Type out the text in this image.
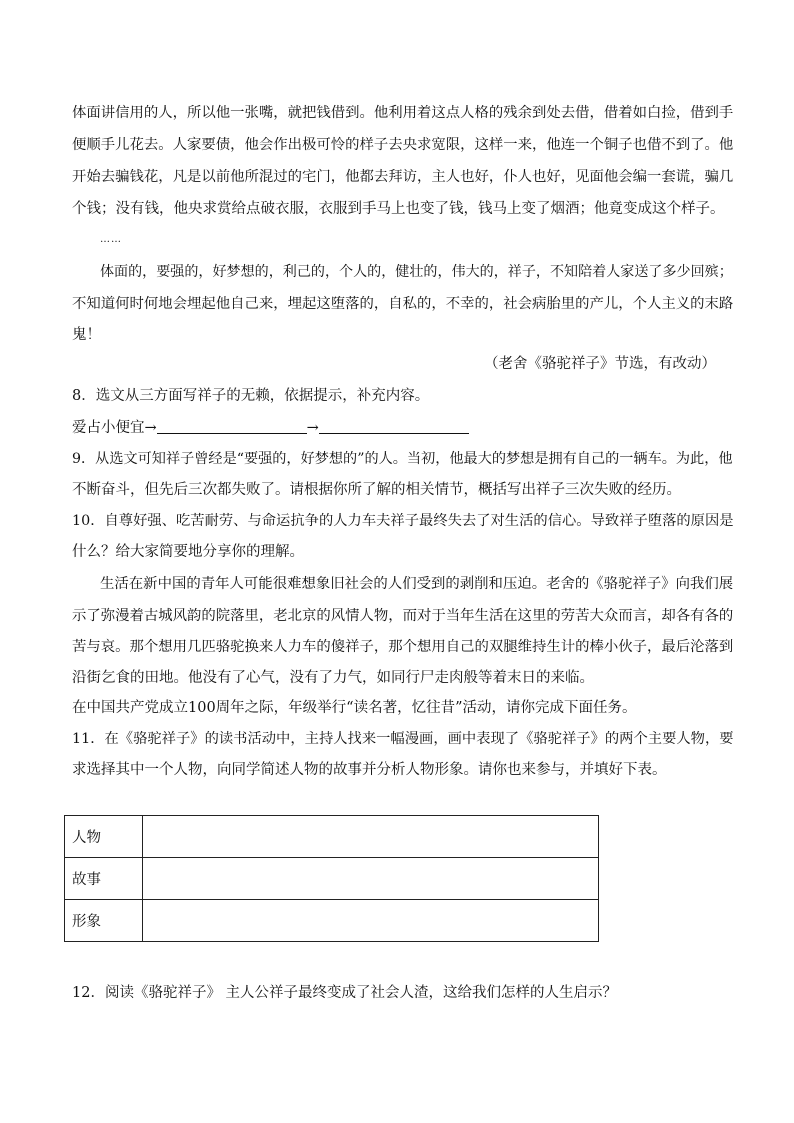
体面讲信用的人，所以他一张嘴，就把钱借到。他利用着这点人格的残余到处去借，借着如白捡，借到手
便顺手儿花去。人家要债，他会作出极可怜的样子去央求宽限，这样一来，他连一个铜子也借不到了。他
开始去骗钱花，凡是以前他所混过的宅门，他都去拜访，主人也好，仆人也好，见面他会编一套谎，骗几
个钱；没有钱，他央求赏给点破衣服，衣服到手马上也变了钱，钱马上变了烟酒；他竟变成这个样子。
……
体面的，要强的，好梦想的，利己的，个人的，健壮的，伟大的，祥子，不知陪着人家送了多少回殡；
不知道何时何地会埋起他自己来，埋起这堕落的，自私的，不幸的，社会病胎里的产儿，个人主义的末路
鬼！
（老舍《骆驼祥子》节选，有改动）
8．选文从三方面写祥子的无赖，依据提示，补充内容。
爱占小便宜→	→
9．从选文可知祥子曾经是“要强的，好梦想的”的人。当初，他最大的梦想是拥有自己的一辆车。为此，他
不断奋斗，但先后三次都失败了。请根据你所了解的相关情节，概括写出祥子三次失败的经历。
10．自尊好强、吃苦耐劳、与命运抗争的人力车夫祥子最终失去了对生活的信心。导致祥子堕落的原因是
什么？给大家简要地分享你的理解。
生活在新中国的青年人可能很难想象旧社会的人们受到的剥削和压迫。老舍的《骆驼祥子》向我们展
示了弥漫着古城风韵的院落里，老北京的风情人物，而对于当年生活在这里的劳苦大众而言，却各有各的
苦与哀。那个想用几匹骆驼换来人力车的傻祥子，那个想用自己的双腿维持生计的棒小伙子，最后沦落到
沿街乞食的田地。他没有了心气，没有了力气，如同行尸走肉般等着末日的来临。
在中国共产党成立100周年之际，年级举行“读名著，忆往昔”活动，请你完成下面任务。
11．在《骆驼祥子》的读书活动中，主持人找来一幅漫画，画中表现了《骆驼祥子》的两个主要人物，要
求选择其中一个人物，向同学简述人物的故事并分析人物形象。请你也来参与，并填好下表。
人物	
故事	
形象	
12．阅读《骆驼祥子》 主人公祥子最终变成了社会人渣，这给我们怎样的人生启示？
